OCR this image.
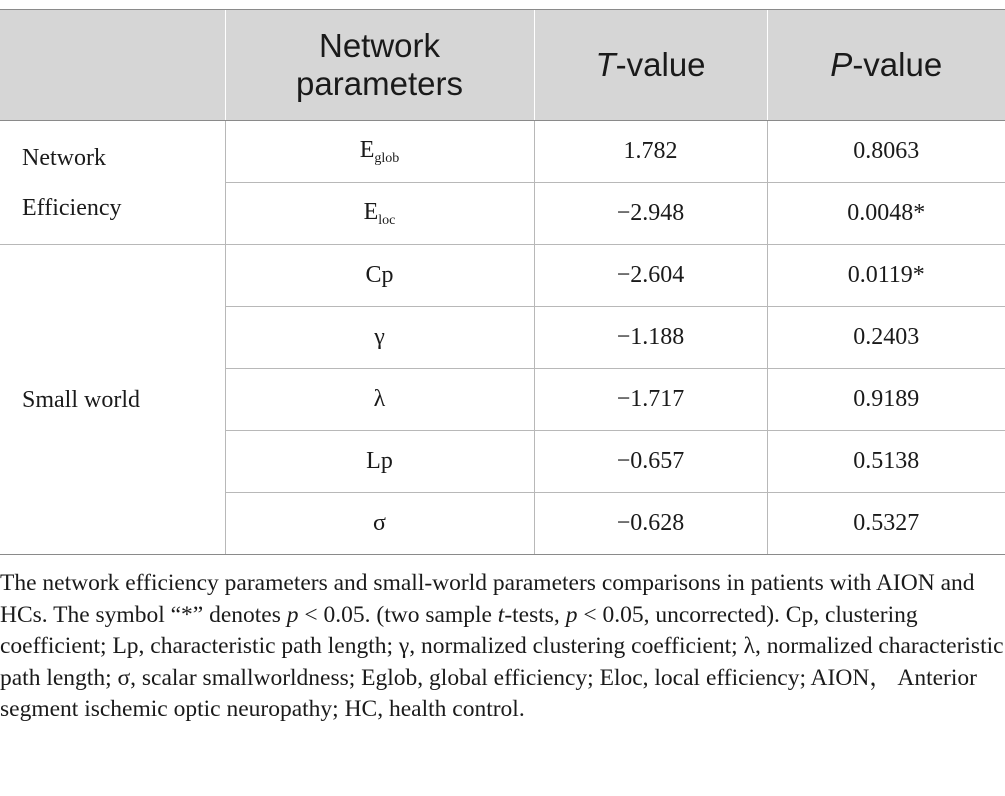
	Network parameters	T-value	P-value

Network
Efficiency	$E_{glob}$	1.782	0.8063
	$E_{loc}$	−2.948	0.0048*
Small world	Cp	−2.604	0.0119*
	γ	−1.188	0.2403
	λ	−1.717	0.9189
	Lp	−0.657	0.5138
	σ	−0.628	0.5327
The network efficiency parameters and small-world parameters comparisons in patients with AION and HCs. The symbol “*” denotes p < 0.05. (two sample t-tests, p < 0.05, uncorrected). Cp, clustering coefficient; Lp, characteristic path length; γ, normalized clustering coefficient; λ, normalized characteristic path length; σ, scalar smallworldness; Eglob, global efficiency; Eloc, local efficiency; AION， Anterior segment ischemic optic neuropathy; HC, health control.
